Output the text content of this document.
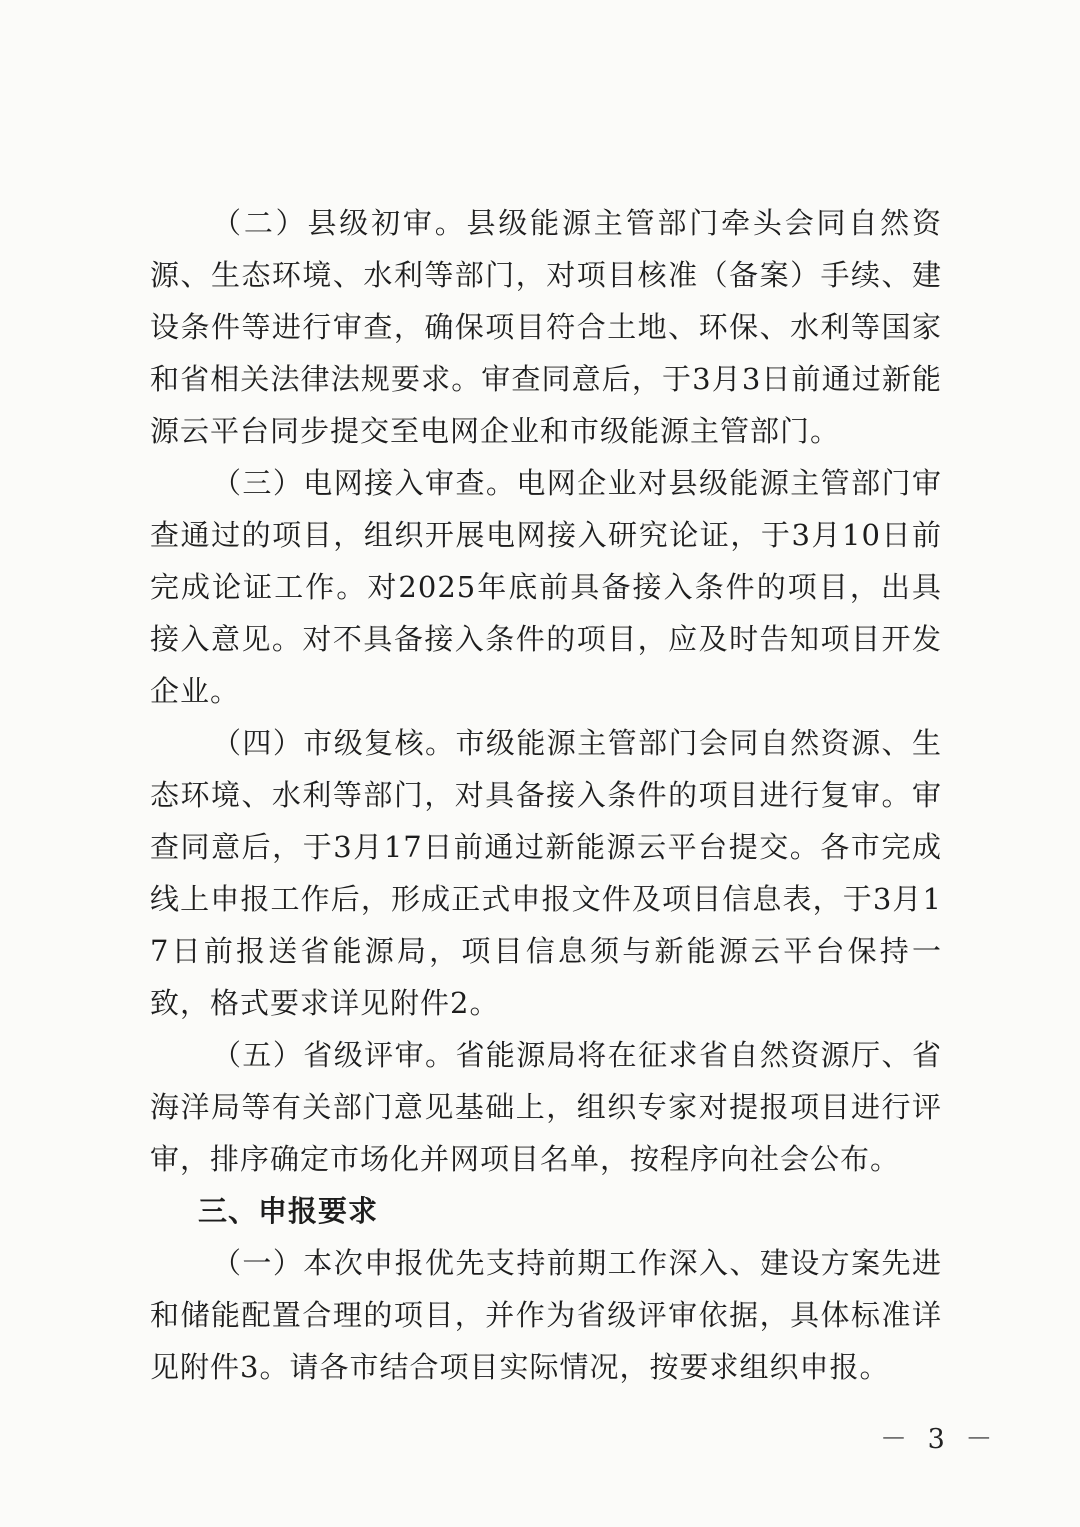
（二）县级初审。县级能源主管部门牵头会同自然资源、生态环境、水利等部门，对项目核准（备案）手续、建设条件等进行审查，确保项目符合土地、环保、水利等国家和省相关法律法规要求。审查同意后，于3月3日前通过新能源云平台同步提交至电网企业和市级能源主管部门。

（三）电网接入审查。电网企业对县级能源主管部门审查通过的项目，组织开展电网接入研究论证，于3月10日前完成论证工作。对2025年底前具备接入条件的项目，出具接入意见。对不具备接入条件的项目，应及时告知项目开发企业。

（四）市级复核。市级能源主管部门会同自然资源、生态环境、水利等部门，对具备接入条件的项目进行复审。审查同意后，于3月17日前通过新能源云平台提交。各市完成线上申报工作后，形成正式申报文件及项目信息表，于3月17日前报送省能源局，项目信息须与新能源云平台保持一致，格式要求详见附件2。

（五）省级评审。省能源局将在征求省自然资源厅、省海洋局等有关部门意见基础上，组织专家对提报项目进行评审，排序确定市场化并网项目名单，按程序向社会公布。

三、申报要求

（一）本次申报优先支持前期工作深入、建设方案先进和储能配置合理的项目，并作为省级评审依据，具体标准详见附件3。请各市结合项目实际情况，按要求组织申报。

－ 3 －
